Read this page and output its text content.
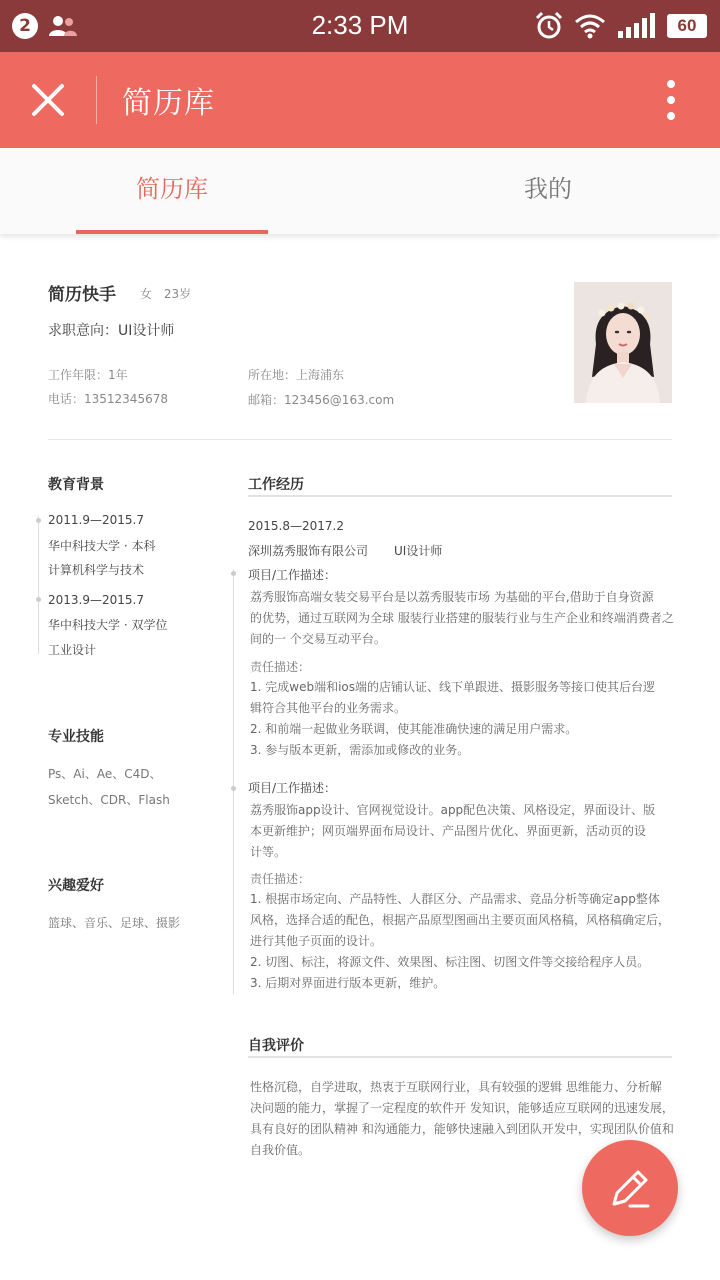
2	2:33 PM	60
简历库
简历库	我的
简历快手 女 23岁
求职意向：UI设计师
工作年限：1年
电话：13512345678
所在地：上海浦东
邮箱：123456@163.com
教育背景
2011.9—2015.7
华中科技大学 · 本科
计算机科学与技术
2013.9—2015.7
华中科技大学 · 双学位
工业设计
专业技能
Ps、Ai、Ae、C4D、
Sketch、CDR、Flash
兴趣爱好
篮球、音乐、足球、摄影
工作经历
2015.8—2017.2
深圳荔秀服饰有限公司 UI设计师
项目/工作描述：
荔秀服饰高端女装交易平台是以荔秀服装市场 为基础的平台,借助于自身资源
的优势，通过互联网为全球 服装行业搭建的服装行业与生产企业和终端消费者之
间的一 个交易互动平台。
责任描述：
1. 完成web端和ios端的店铺认证、线下单跟进、摄影服务等接口使其后台逻
辑符合其他平台的业务需求。
2. 和前端一起做业务联调，使其能准确快速的满足用户需求。
3. 参与版本更新，需添加或修改的业务。
项目/工作描述：
荔秀服饰app设计、官网视觉设计。app配色决策、风格设定，界面设计、版
本更新维护；网页端界面布局设计、产品图片优化、界面更新，活动页的设
计等。
责任描述：
1. 根据市场定向、产品特性、人群区分、产品需求、竞品分析等确定app整体
风格，选择合适的配色，根据产品原型图画出主要页面风格稿，风格稿确定后，
进行其他子页面的设计。
2. 切图、标注，将源文件、效果图、标注图、切图文件等交接给程序人员。
3. 后期对界面进行版本更新，维护。
自我评价
性格沉稳，自学进取，热衷于互联网行业，具有较强的逻辑 思维能力、分析解
决问题的能力，掌握了一定程度的软件开 发知识，能够适应互联网的迅速发展，
具有良好的团队精神 和沟通能力，能够快速融入到团队开发中，实现团队价值和
自我价值。
